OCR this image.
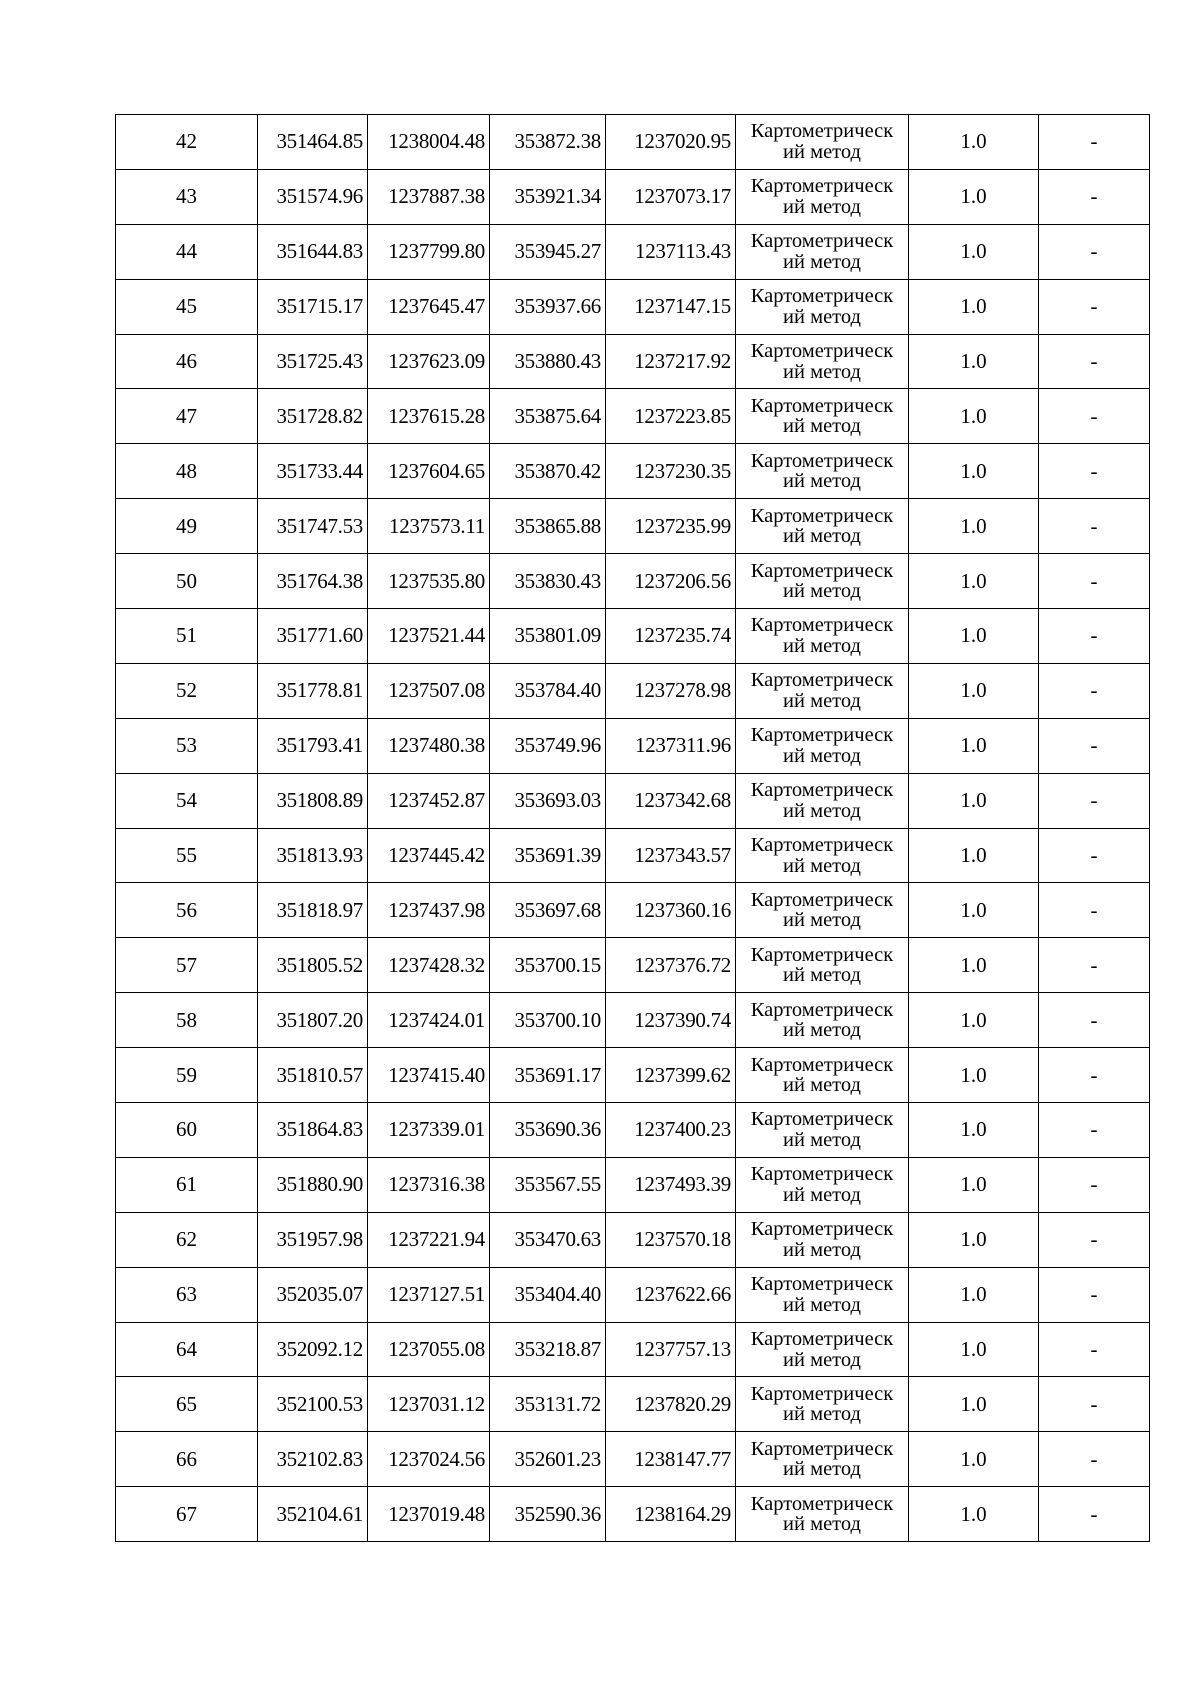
42	351464.85	1238004.48	353872.38	1237020.95	Картометрическ
ий метод	1.0	-
43	351574.96	1237887.38	353921.34	1237073.17	Картометрическ
ий метод	1.0	-
44	351644.83	1237799.80	353945.27	1237113.43	Картометрическ
ий метод	1.0	-
45	351715.17	1237645.47	353937.66	1237147.15	Картометрическ
ий метод	1.0	-
46	351725.43	1237623.09	353880.43	1237217.92	Картометрическ
ий метод	1.0	-
47	351728.82	1237615.28	353875.64	1237223.85	Картометрическ
ий метод	1.0	-
48	351733.44	1237604.65	353870.42	1237230.35	Картометрическ
ий метод	1.0	-
49	351747.53	1237573.11	353865.88	1237235.99	Картометрическ
ий метод	1.0	-
50	351764.38	1237535.80	353830.43	1237206.56	Картометрическ
ий метод	1.0	-
51	351771.60	1237521.44	353801.09	1237235.74	Картометрическ
ий метод	1.0	-
52	351778.81	1237507.08	353784.40	1237278.98	Картометрическ
ий метод	1.0	-
53	351793.41	1237480.38	353749.96	1237311.96	Картометрическ
ий метод	1.0	-
54	351808.89	1237452.87	353693.03	1237342.68	Картометрическ
ий метод	1.0	-
55	351813.93	1237445.42	353691.39	1237343.57	Картометрическ
ий метод	1.0	-
56	351818.97	1237437.98	353697.68	1237360.16	Картометрическ
ий метод	1.0	-
57	351805.52	1237428.32	353700.15	1237376.72	Картометрическ
ий метод	1.0	-
58	351807.20	1237424.01	353700.10	1237390.74	Картометрическ
ий метод	1.0	-
59	351810.57	1237415.40	353691.17	1237399.62	Картометрическ
ий метод	1.0	-
60	351864.83	1237339.01	353690.36	1237400.23	Картометрическ
ий метод	1.0	-
61	351880.90	1237316.38	353567.55	1237493.39	Картометрическ
ий метод	1.0	-
62	351957.98	1237221.94	353470.63	1237570.18	Картометрическ
ий метод	1.0	-
63	352035.07	1237127.51	353404.40	1237622.66	Картометрическ
ий метод	1.0	-
64	352092.12	1237055.08	353218.87	1237757.13	Картометрическ
ий метод	1.0	-
65	352100.53	1237031.12	353131.72	1237820.29	Картометрическ
ий метод	1.0	-
66	352102.83	1237024.56	352601.23	1238147.77	Картометрическ
ий метод	1.0	-
67	352104.61	1237019.48	352590.36	1238164.29	Картометрическ
ий метод	1.0	-
